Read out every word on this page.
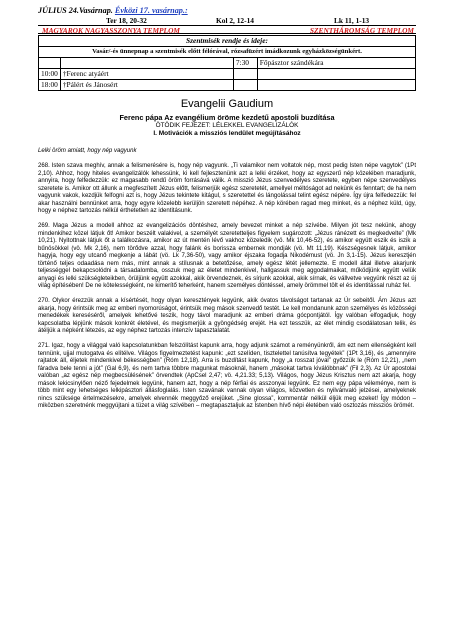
JÚLIUS 24.Vasárnap. Évközi 17. vasárnap.:
Ter 18, 20-32	Kol 2, 12-14	Lk 11, 1-13
MAGYAROK NAGYASSZONYA TEMPLOM	SZENTHÁROMSÁG TEMPLOM
Szentmisék rendje és ideje:			
Vasár/-és ünnepnap a szentmisék előtt félórával, rózsafüzért imádkozunk egyházközségünkért.			
		7:30	Főpásztor szándékára
10:00	†Ferenc atyáért		
18:00	†Pálért és Jánosért		
Evangelii Gaudium
Ferenc pápa Az evangélium öröme kezdetű apostoli buzdítása
ÖTÖDIK FEJEZET: LÉLEKKEL EVANGELIZÁLÓK
I. Motivációk a missziós lendület megújításához

Lelki öröm amiatt, hogy nép vagyunk

268. Isten szava meghív, annak a felismerésére is, hogy nép vagyunk. „Ti valamikor nem voltatok nép, most pedig Isten népe vagytok” (1Pt 2,10). Ahhoz, hogy hiteles evangelizálók lehessünk, ki kell fejlesztenünk azt a lelki érzéket, hogy az egyszerű nép közelében maradjunk, annyira, hogy felfedezzük: ez magasabb rendű öröm forrásává válik. A misszió Jézus szenvedélyes szeretete, egyben népe szenvedélyes szeretete is. Amikor ott állunk a megfeszített Jézus előtt, felismerjük egész szeretetét, amellyel méltóságot ad nekünk és fenntart; de ha nem vagyunk vakok, kezdjük felfogni azt is, hogy Jézus tekintete kitágul, s szeretettel és lángolással telint egész népére. Így újra felfedezzük: fel akar használni bennünket arra, hogy egyre közelebb kerüljön szeretett népéhez. A nép körében ragad meg minket, és a néphez küld, úgy, hogy e néphez tartozás nélkül érthetetlen az identitásunk.

269. Maga Jézus a modell ahhoz az evangelizációs döntéshez, amely bevezet minket a nép szívébe. Milyen jót tesz nekünk, ahogy mindenkihez közel látjuk őt! Amikor beszélt valakivel, a személyét szeretetteljes figyelem sugározott: „Jézus ránézett és megkedvelte” (Mk 10,21). Nyitottnak látjuk őt a találkozásra, amikor az út mentén lévő vakhoz közeledik (vö. Mk 10,46-52), és amikor együtt eszik és iszik a bűnösökkel (vö. Mk 2,16), nem törődve azzal, hogy falánk és borissza embernek mondják (vö. Mt 11,19). Készségesnek látjuk, amikor hagyja, hogy egy utcanő megkenje a lábát (vö. Lk 7,36-50), vagy amikor éjszaka fogadja Nikodémust (vö. Jn 3,1-15). Jézus keresztjén történő teljes odaadása nem más, mint annak a stílusnak a betetőzése, amely egész létét jellemezte. E modell által illetve akarjunk teljességgel bekapcsolódni a társadalomba, osszuk meg az életet mindenkivel, hallgassuk meg aggodalmaikat, működjünk együtt velük anyagi és lelki szükségleteikben, örüljünk együtt azokkal, akik örvendeznek, és sírjunk azokkal, akik sírnak, és vállvetve vegyünk részt az új világ építésében! De ne kötelességként, ne kimerítő teherként, hanem személyes döntéssel, amely örömmel tölt el és identitással ruház fel.

270. Olykor érezzük annak a kísértését, hogy olyan keresztények legyünk, akik óvatos távolságot tartanak az Úr sebeitől. Ám Jézus azt akarja, hogy érintsük meg az emberi nyomorúságot, érintsük meg mások szenvedő testét. Le kell mondanunk azon személyes és közösségi menedékek kereséséről, amelyek lehetővé teszik, hogy távol maradjunk az emberi dráma gócpontjától. Így valóban elfogadjuk, hogy kapcsolatba lépjünk mások konkrét életével, és megismerjük a gyöngédség erejét. Ha ezt tesszük, az élet mindig csodálatosan telik, és átéljük a népként létezés, az egy néphez tartozás intenzív tapasztalatát.

271. Igaz, hogy a világgal való kapcsolatunkban felszólítást kapunk arra, hogy adjunk számot a reményünkről, ám ezt nem ellenségként kell tennünk, ujjal mutogatva és elítélve. Világos figyelmeztetést kapunk: „ezt szelíden, tisztelettel tanúsítva tegyétek” (1Pt 3,16), és „amennyire rajtatok áll, éljetek mindenkivel békességben” (Róm 12,18). Arra is buzdítást kapunk, hogy „a rosszat jóval” győzzük le (Róm 12,21), „nem fáradva bele tenni a jót” (Gal 6,9), és nem tartva többre magunkat másoknál, hanem „másokat tartva kiválóbbnak” (Fil 2,3). Az Úr apostolai valóban „az egész nép megbecsülésének” örvendtek (ApCsel 2,47; vö. 4,21.33; 5,13). Világos, hogy Jézus Krisztus nem azt akarja, hogy mások lekicsinylően néző fejedelmek legyünk, hanem azt, hogy a nép férfiai és asszonyai legyünk. Ez nem egy pápa véleménye, nem is több mint egy lehetséges lelkipásztori állásfoglalás. Isten szavának vannak olyan világos, közvetlen és nyilvánvaló jelzései, amelyeknek nincs szüksége értelmezésekre, amelyek elvennék meggyőző erejüket. „Sine glossa”, kommentár nélkül éljük meg ezeket! Így módon – miközben szeretnénk meggyújtani a tüzet a világ szívében – megtapasztaljuk az Istenben hívő népi életében való osztozás missziós örömét.
